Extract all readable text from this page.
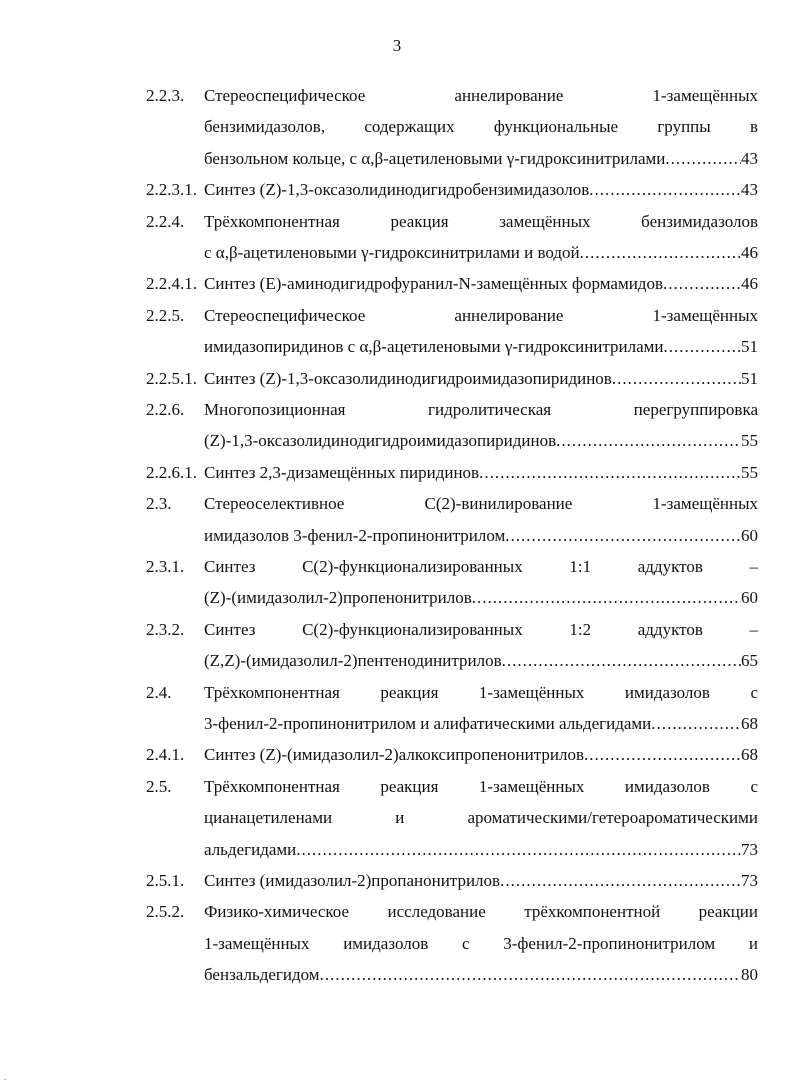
3
2.2.3. Стереоспецифическое аннелирование 1-замещённых
бензимидазолов, содержащих функциональные группы в
бензольном кольце, с α,β-ацетиленовыми γ-гидроксинитрилами .....	43
2.2.3.1. Синтез (Z)-1,3-оксазолидинодигидробензимидазолов .....	43
2.2.4. Трёхкомпонентная реакция замещённых бензимидазолов
с α,β-ацетиленовыми γ-гидроксинитрилами и водой .....	46
2.2.4.1. Синтез (E)-аминодигидрофуранил-N-замещённых формамидов .....	46
2.2.5. Стереоспецифическое аннелирование 1-замещённых
имидазопиридинов с α,β-ацетиленовыми γ-гидроксинитрилами .....	51
2.2.5.1. Синтез (Z)-1,3-оксазолидинодигидроимидазопиридинов .....	51
2.2.6. Многопозиционная гидролитическая перегруппировка
(Z)-1,3-оксазолидинодигидроимидазопиридинов .....	55
2.2.6.1. Синтез 2,3-дизамещённых пиридинов .....	55
2.3. Стереоселективное C(2)-винилирование 1-замещённых
имидазолов 3-фенил-2-пропинонитрилом .....	60
2.3.1. Синтез C(2)-функционализированных 1:1 аддуктов –
(Z)-(имидазолил-2)пропенонитрилов .....	60
2.3.2. Синтез C(2)-функционализированных 1:2 аддуктов –
(Z,Z)-(имидазолил-2)пентенодинитрилов .....	65
2.4. Трёхкомпонентная реакция 1-замещённых имидазолов с
3-фенил-2-пропинонитрилом и алифатическими альдегидами .....	68
2.4.1. Синтез (Z)-(имидазолил-2)алкоксипропенонитрилов .....	68
2.5. Трёхкомпонентная реакция 1-замещённых имидазолов с
цианацетиленами и ароматическими/гетероароматическими
альдегидами .....	73
2.5.1. Синтез (имидазолил-2)пропанонитрилов .....	73
2.5.2. Физико-химическое исследование трёхкомпонентной реакции
1-замещённых имидазолов с 3-фенил-2-пропинонитрилом и
бензальдегидом .....	80
.
